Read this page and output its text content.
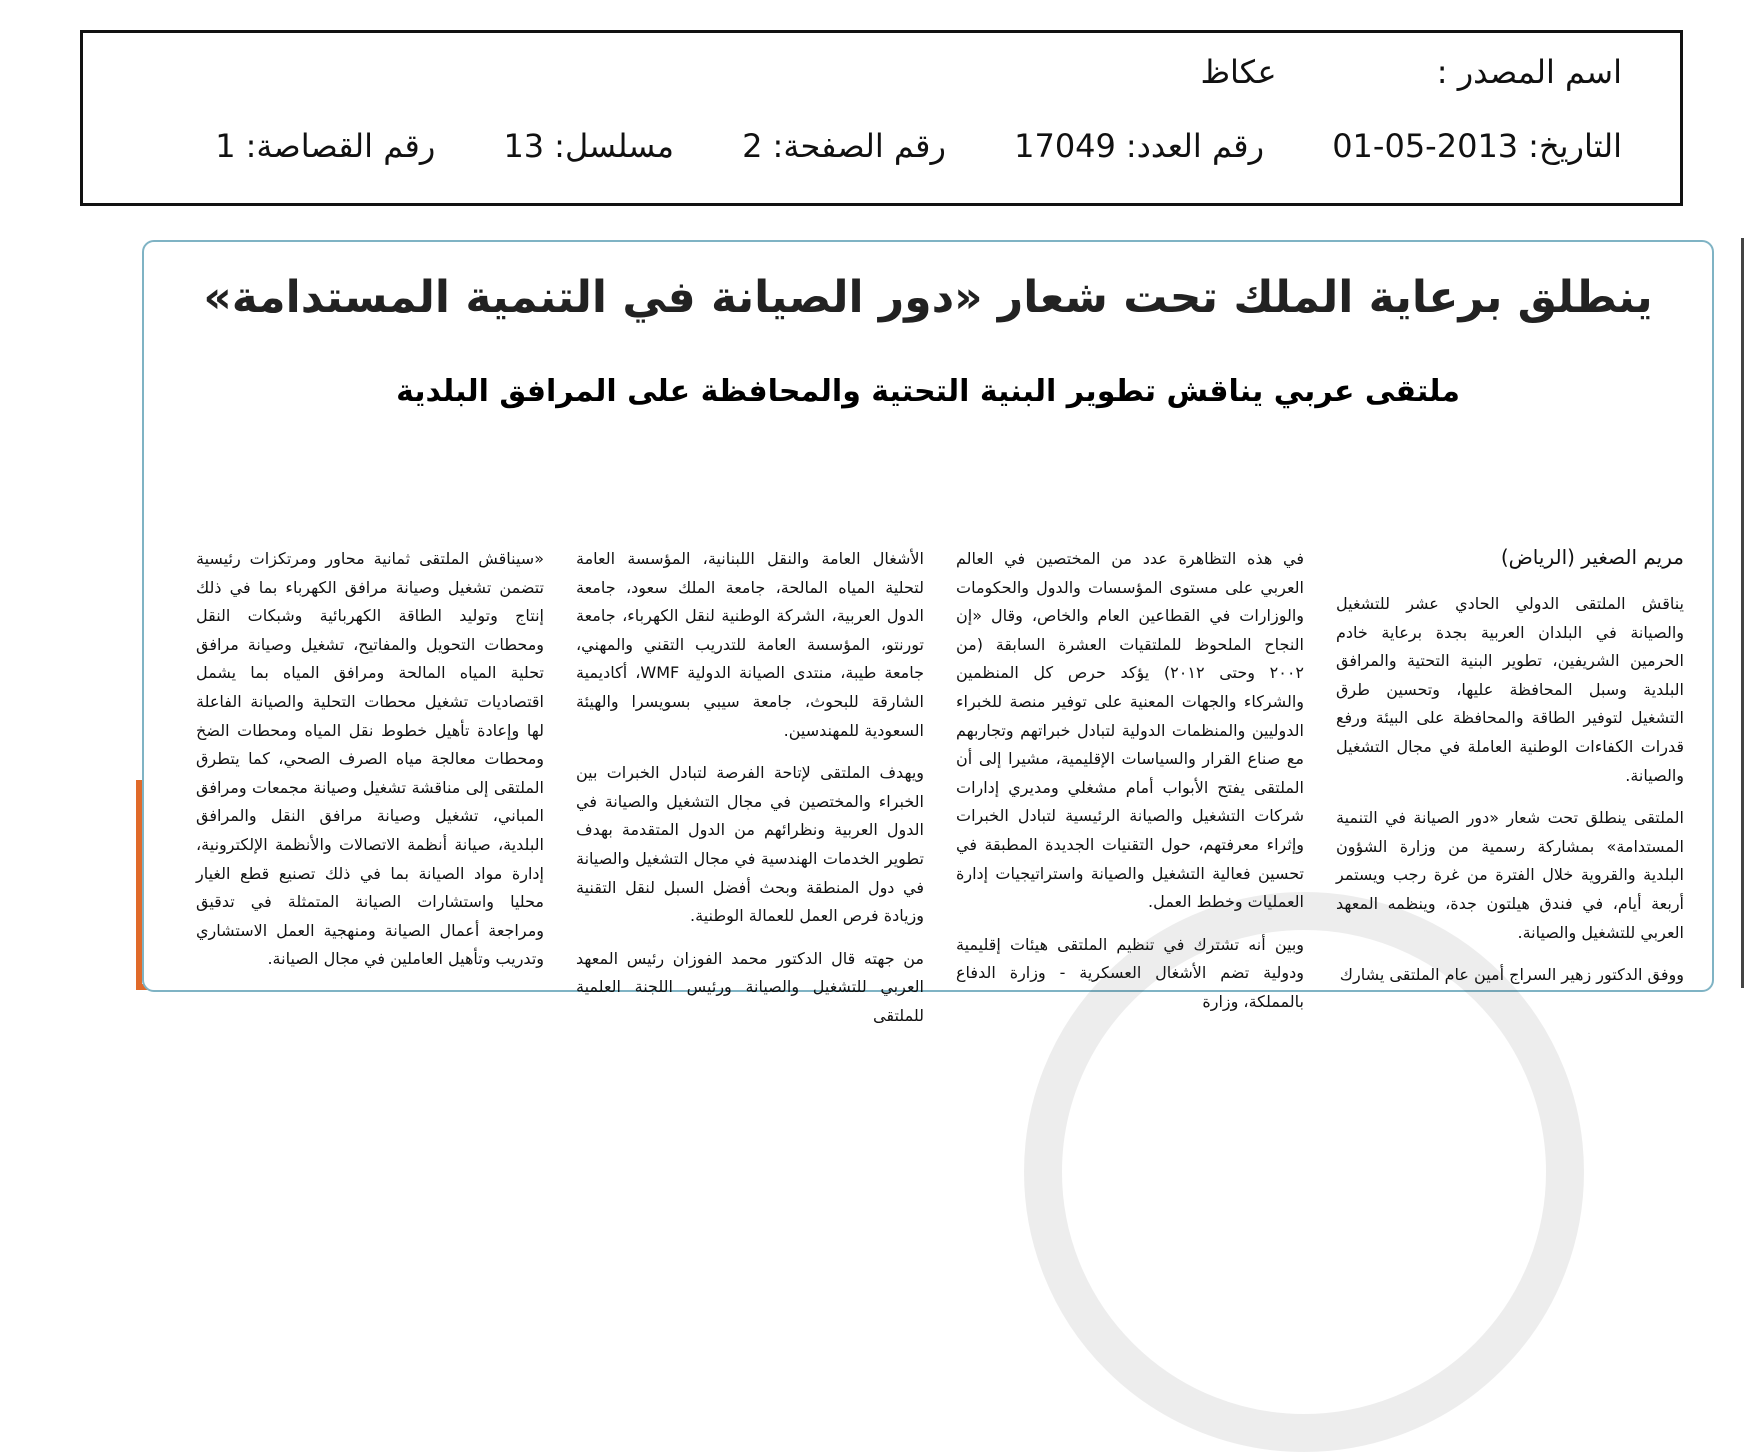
اسم المصدر : عكاظ
التاريخ:2013-05-01 رقم العدد:17049 رقم الصفحة:2 مسلسل:13 رقم القصاصة:1
ينطلق برعاية الملك تحت شعار «دور الصيانة في التنمية المستدامة»
ملتقى عربي يناقش تطوير البنية التحتية والمحافظة على المرافق البلدية
مريم الصغير (الرياض)

يناقش الملتقى الدولي الحادي عشر للتشغيل والصيانة في البلدان العربية بجدة برعاية خادم الحرمين الشريفين، تطوير البنية التحتية والمرافق البلدية وسبل المحافظة عليها، وتحسين طرق التشغيل لتوفير الطاقة والمحافظة على البيئة ورفع قدرات الكفاءات الوطنية العاملة في مجال التشغيل والصيانة.

الملتقى ينطلق تحت شعار «دور الصيانة في التنمية المستدامة» بمشاركة رسمية من وزارة الشؤون البلدية والقروية خلال الفترة من غرة رجب ويستمر أربعة أيام، في فندق هيلتون جدة، وينظمه المعهد العربي للتشغيل والصيانة.

ووفق الدكتور زهير السراج أمين عام الملتقى يشارك

في هذه التظاهرة عدد من المختصين في العالم العربي على مستوى المؤسسات والدول والحكومات والوزارات في القطاعين العام والخاص، وقال «إن النجاح الملحوظ للملتقيات العشرة السابقة (من ٢٠٠٢ وحتى ٢٠١٢) يؤكد حرص كل المنظمين والشركاء والجهات المعنية على توفير منصة للخبراء الدوليين والمنظمات الدولية لتبادل خبراتهم وتجاربهم مع صناع القرار والسياسات الإقليمية، مشيرا إلى أن الملتقى يفتح الأبواب أمام مشغلي ومديري إدارات شركات التشغيل والصيانة الرئيسية لتبادل الخبرات وإثراء معرفتهم، حول التقنيات الجديدة المطبقة في تحسين فعالية التشغيل والصيانة واستراتيجيات إدارة العمليات وخطط العمل.

وبين أنه تشترك في تنظيم الملتقى هيئات إقليمية ودولية تضم الأشغال العسكرية - وزارة الدفاع بالمملكة، وزارة

الأشغال العامة والنقل اللبنانية، المؤسسة العامة لتحلية المياه المالحة، جامعة الملك سعود، جامعة الدول العربية، الشركة الوطنية لنقل الكهرباء، جامعة تورنتو، المؤسسة العامة للتدريب التقني والمهني، جامعة طيبة، منتدى الصيانة الدولية WMF، أكاديمية الشارقة للبحوث، جامعة سيبي بسويسرا والهيئة السعودية للمهندسين.

ويهدف الملتقى لإتاحة الفرصة لتبادل الخبرات بين الخبراء والمختصين في مجال التشغيل والصيانة في الدول العربية ونظرائهم من الدول المتقدمة بهدف تطوير الخدمات الهندسية في مجال التشغيل والصيانة في دول المنطقة وبحث أفضل السبل لنقل التقنية وزيادة فرص العمل للعمالة الوطنية.

من جهته قال الدكتور محمد الفوزان رئيس المعهد العربي للتشغيل والصيانة ورئيس اللجنة العلمية للملتقى

«سيناقش الملتقى ثمانية محاور ومرتكزات رئيسية تتضمن تشغيل وصيانة مرافق الكهرباء بما في ذلك إنتاج وتوليد الطاقة الكهربائية وشبكات النقل ومحطات التحويل والمفاتيح، تشغيل وصيانة مرافق تحلية المياه المالحة ومرافق المياه بما يشمل اقتصاديات تشغيل محطات التحلية والصيانة الفاعلة لها وإعادة تأهيل خطوط نقل المياه ومحطات الضخ ومحطات معالجة مياه الصرف الصحي، كما يتطرق الملتقى إلى مناقشة تشغيل وصيانة مجمعات ومرافق المباني، تشغيل وصيانة مرافق النقل والمرافق البلدية، صيانة أنظمة الاتصالات والأنظمة الإلكترونية، إدارة مواد الصيانة بما في ذلك تصنيع قطع الغيار محليا واستشارات الصيانة المتمثلة في تدقيق ومراجعة أعمال الصيانة ومنهجية العمل الاستشاري وتدريب وتأهيل العاملين في مجال الصيانة.
